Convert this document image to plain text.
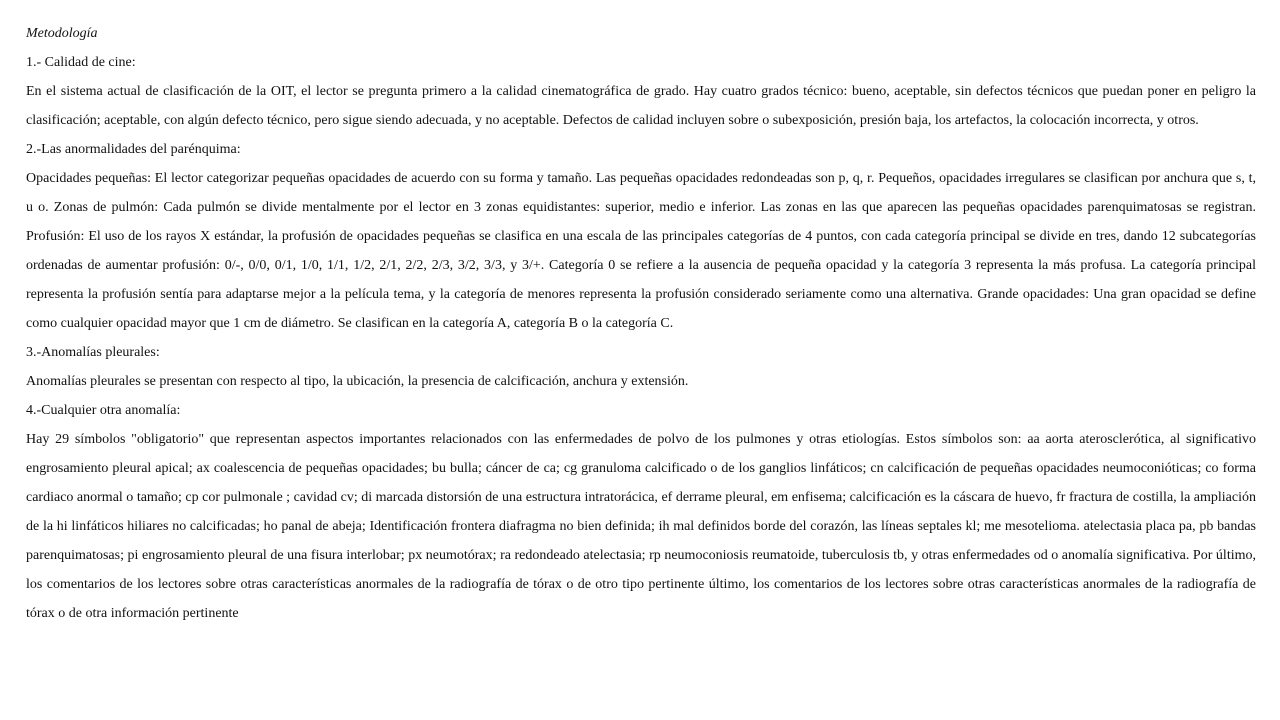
Metodología

1.- Calidad de cine:

En el sistema actual de clasificación de la OIT, el lector se pregunta primero a la calidad cinematográfica de grado. Hay cuatro grados técnico: bueno, aceptable, sin defectos técnicos que puedan poner en peligro la clasificación; aceptable, con algún defecto técnico, pero sigue siendo adecuada, y no aceptable. Defectos de calidad incluyen sobre o subexposición, presión baja, los artefactos, la colocación incorrecta, y otros.

2.-Las anormalidades del parénquima:

Opacidades pequeñas: El lector categorizar pequeñas opacidades de acuerdo con su forma y tamaño. Las pequeñas opacidades redondeadas son p, q, r. Pequeños, opacidades irregulares se clasifican por anchura que s, t, u o. Zonas de pulmón: Cada pulmón se divide mentalmente por el lector en 3 zonas equidistantes: superior, medio e inferior. Las zonas en las que aparecen las pequeñas opacidades parenquimatosas se registran. Profusión: El uso de los rayos X estándar, la profusión de opacidades pequeñas se clasifica en una escala de las principales categorías de 4 puntos, con cada categoría principal se divide en tres, dando 12 subcategorías ordenadas de aumentar profusión: 0/-, 0/0, 0/1, 1/0, 1/1, 1/2, 2/1, 2/2, 2/3, 3/2, 3/3, y 3/+. Categoría 0 se refiere a la ausencia de pequeña opacidad y la categoría 3 representa la más profusa. La categoría principal representa la profusión sentía para adaptarse mejor a la película tema, y la categoría de menores representa la profusión considerado seriamente como una alternativa. Grande opacidades: Una gran opacidad se define como cualquier opacidad mayor que 1 cm de diámetro. Se clasifican en la categoría A, categoría B o la categoría C.

3.-Anomalías pleurales:

Anomalías pleurales se presentan con respecto al tipo, la ubicación, la presencia de calcificación, anchura y extensión.

4.-Cualquier otra anomalía:

Hay 29 símbolos "obligatorio" que representan aspectos importantes relacionados con las enfermedades de polvo de los pulmones y otras etiologías. Estos símbolos son: aa aorta aterosclerótica, al significativo engrosamiento pleural apical; ax coalescencia de pequeñas opacidades; bu bulla; cáncer de ca; cg granuloma calcificado o de los ganglios linfáticos; cn calcificación de pequeñas opacidades neumoconióticas; co forma cardiaco anormal o tamaño; cp cor pulmonale ; cavidad cv; di marcada distorsión de una estructura intratorácica, ef derrame pleural, em enfisema; calcificación es la cáscara de huevo, fr fractura de costilla, la ampliación de la hi linfáticos hiliares no calcificadas; ho panal de abeja; Identificación frontera diafragma no bien definida; ih mal definidos borde del corazón, las líneas septales kl; me mesotelioma. atelectasia placa pa, pb bandas parenquimatosas; pi engrosamiento pleural de una fisura interlobar; px neumotórax; ra redondeado atelectasia; rp neumoconiosis reumatoide, tuberculosis tb, y otras enfermedades od o anomalía significativa. Por último, los comentarios de los lectores sobre otras características anormales de la radiografía de tórax o de otro tipo pertinente último, los comentarios de los lectores sobre otras características anormales de la radiografía de tórax o de otra información pertinente
